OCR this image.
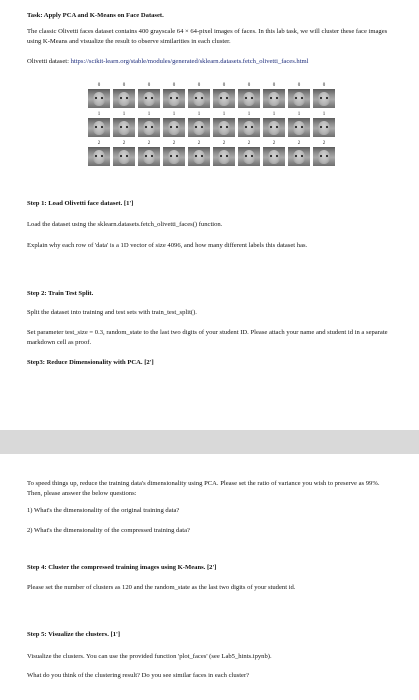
Task: Apply PCA and K-Means on Face Dataset.
The classic Olivetti faces dataset contains 400 grayscale 64 × 64-pixel images of faces. In this lab task, we will cluster these face images using K-Means and visualize the result to observe similarities in each cluster.
Olivetti dataset: https://scikit-learn.org/stable/modules/generated/sklearn.datasets.fetch_olivetti_faces.html
0	0	0	0	0	0	0	0	0	0
1	1	1	1	1	1	1	1	1	1
2	2	2	2	2	2	2	2	2	2
Step 1: Load Olivetti face dataset. [1']
Load the dataset using the sklearn.datasets.fetch_olivetti_faces() function.
Explain why each row of 'data' is a 1D vector of size 4096, and how many different labels this dataset has.
Step 2: Train Test Split.
Split the dataset into training and test sets with train_test_split().
Set parameter test_size = 0.3, random_state to the last two digits of your student ID. Please attach your name and student id in a separate markdown cell as proof.
Step3: Reduce Dimensionality with PCA. [2']
To speed things up, reduce the training data's dimensionality using PCA. Please set the ratio of variance you wish to preserve as 99%. Then, please answer the below questions:
1) What's the dimensionality of the original training data?
2) What's the dimensionality of the compressed training data?
Step 4: Cluster the compressed training images using K-Means. [2']
Please set the number of clusters as 120 and the random_state as the last two digits of your student id.
Step 5: Visualize the clusters. [1']
Visualize the clusters. You can use the provided function 'plot_faces' (see Lab5_hints.ipynb).
What do you think of the clustering result? Do you see similar faces in each cluster?
